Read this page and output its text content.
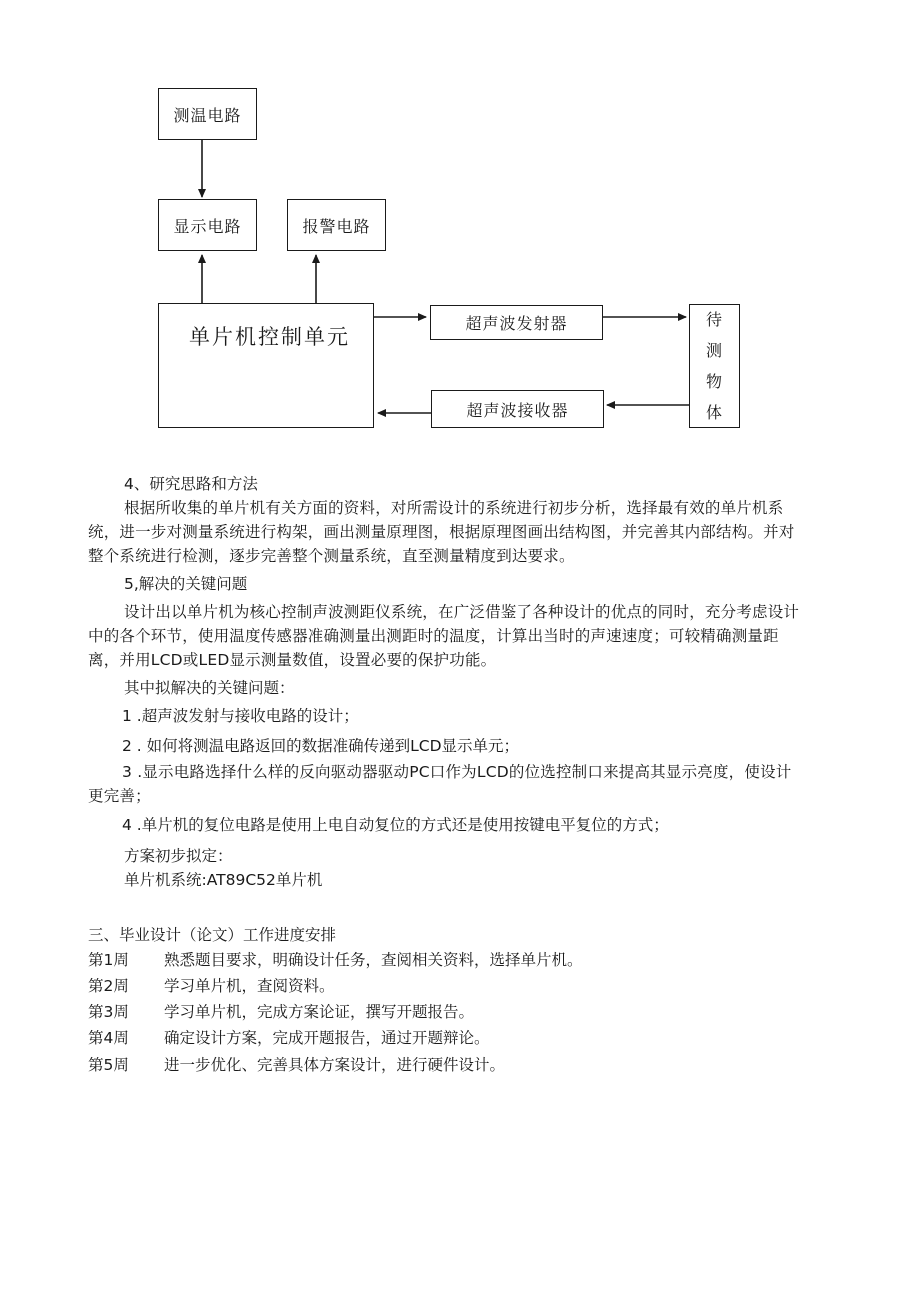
测温电路
显示电路	报警电路
单片机控制单元
超声波发射器
超声波接收器
待
测
物
体
4、研究思路和方法
根据所收集的单片机有关方面的资料，对所需设计的系统进行初步分析，选择最有效的单片机系统，进一步对测量系统进行构架，画出测量原理图，根据原理图画出结构图，并完善其内部结构。并对整个系统进行检测，逐步完善整个测量系统，直至测量精度到达要求。
5,解决的关键问题
设计出以单片机为核心控制声波测距仪系统，在广泛借鉴了各种设计的优点的同时，充分考虑设计中的各个环节，使用温度传感器准确测量出测距时的温度，计算出当时的声速速度；可较精确测量距离，并用LCD或LED显示测量数值，设置必要的保护功能。
其中拟解决的关键问题：
1 .超声波发射与接收电路的设计；
2 . 如何将测温电路返回的数据准确传递到LCD显示单元；
3 .显示电路选择什么样的反向驱动器驱动PC口作为LCD的位选控制口来提高其显示亮度，使设计更完善；
4 .单片机的复位电路是使用上电自动复位的方式还是使用按键电平复位的方式；
方案初步拟定：
单片机系统:AT89C52单片机
三、毕业设计（论文）工作进度安排
第1周 熟悉题目要求，明确设计任务，查阅相关资料，选择单片机。
第2周 学习单片机，查阅资料。
第3周 学习单片机，完成方案论证，撰写开题报告。
第4周 确定设计方案，完成开题报告，通过开题辩论。
第5周 进一步优化、完善具体方案设计，进行硬件设计。
